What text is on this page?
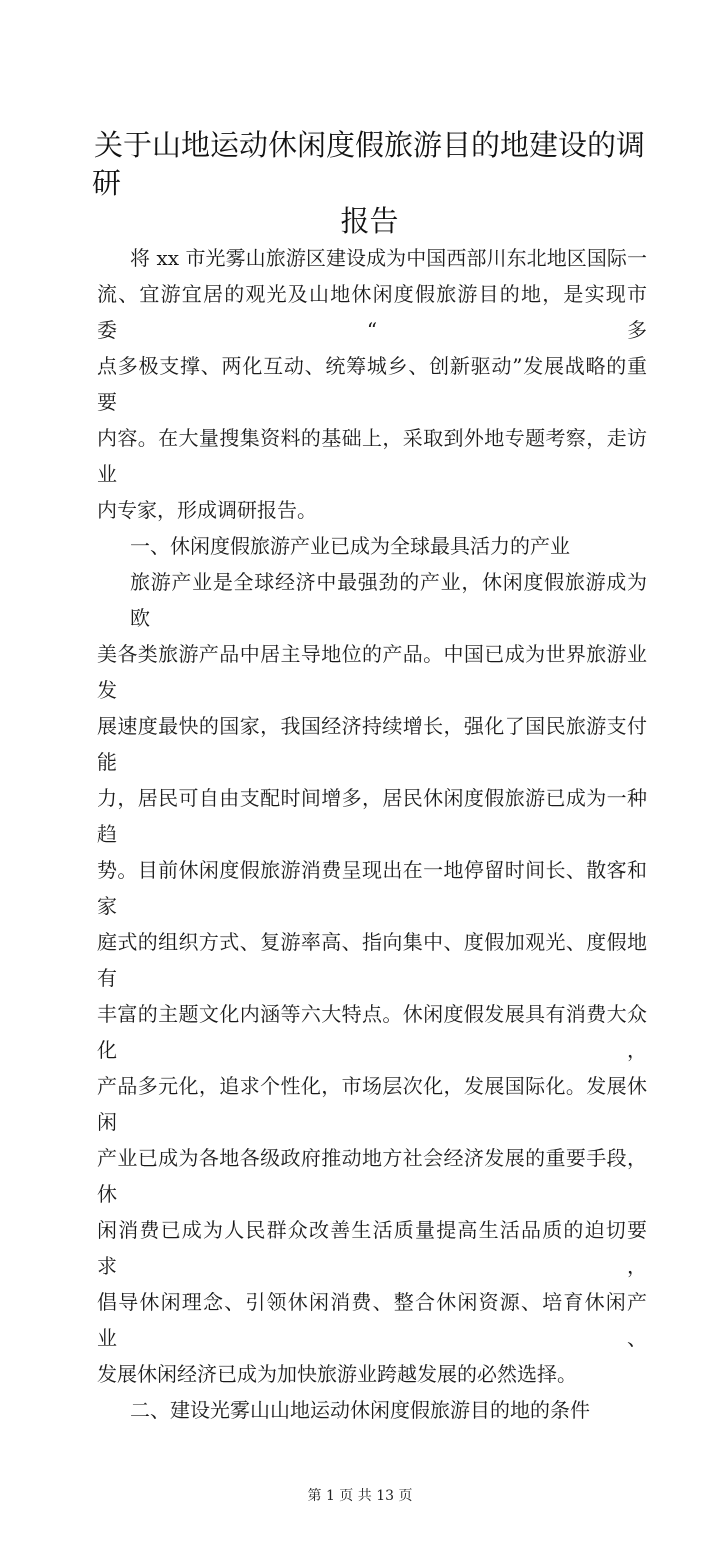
关于山地运动休闲度假旅游目的地建设的调研
报告
将 xx 市光雾山旅游区建设成为中国西部川东北地区国际一
流、宜游宜居的观光及山地休闲度假旅游目的地，是实现市委“多
点多极支撑、两化互动、统筹城乡、创新驱动”发展战略的重要
内容。在大量搜集资料的基础上，采取到外地专题考察，走访业
内专家，形成调研报告。
一、休闲度假旅游产业已成为全球最具活力的产业
旅游产业是全球经济中最强劲的产业，休闲度假旅游成为欧
美各类旅游产品中居主导地位的产品。中国已成为世界旅游业发
展速度最快的国家，我国经济持续增长，强化了国民旅游支付能
力，居民可自由支配时间增多，居民休闲度假旅游已成为一种趋
势。目前休闲度假旅游消费呈现出在一地停留时间长、散客和家
庭式的组织方式、复游率高、指向集中、度假加观光、度假地有
丰富的主题文化内涵等六大特点。休闲度假发展具有消费大众化，
产品多元化，追求个性化，市场层次化，发展国际化。发展休闲
产业已成为各地各级政府推动地方社会经济发展的重要手段，休
闲消费已成为人民群众改善生活质量提高生活品质的迫切要求，
倡导休闲理念、引领休闲消费、整合休闲资源、培育休闲产业、
发展休闲经济已成为加快旅游业跨越发展的必然选择。
二、建设光雾山山地运动休闲度假旅游目的地的条件
第 1 页 共 13 页
